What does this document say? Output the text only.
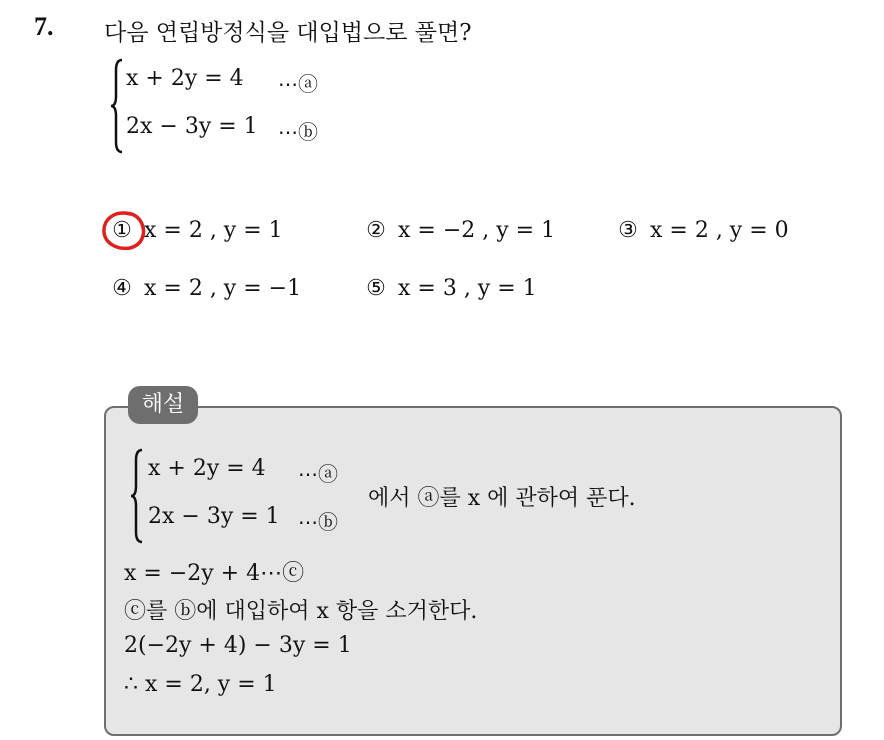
7. 다음 연립방정식을 대입법으로 풀면?
x + 2y = 4 ⋯ⓐ
2x − 3y = 1 ⋯ⓑ
① x = 2 , y = 1	② x = −2 , y = 1	③ x = 2 , y = 0
④ x = 2 , y = −1	⑤ x = 3 , y = 1
해설
x + 2y = 4 ⋯ⓐ
2x − 3y = 1 ⋯ⓑ
에서 ⓐ를 x 에 관하여 푼다.
x = −2y + 4⋯ⓒ
ⓒ를 ⓑ에 대입하여 x 항을 소거한다.
2(−2y + 4) − 3y = 1
∴ x = 2, y = 1
